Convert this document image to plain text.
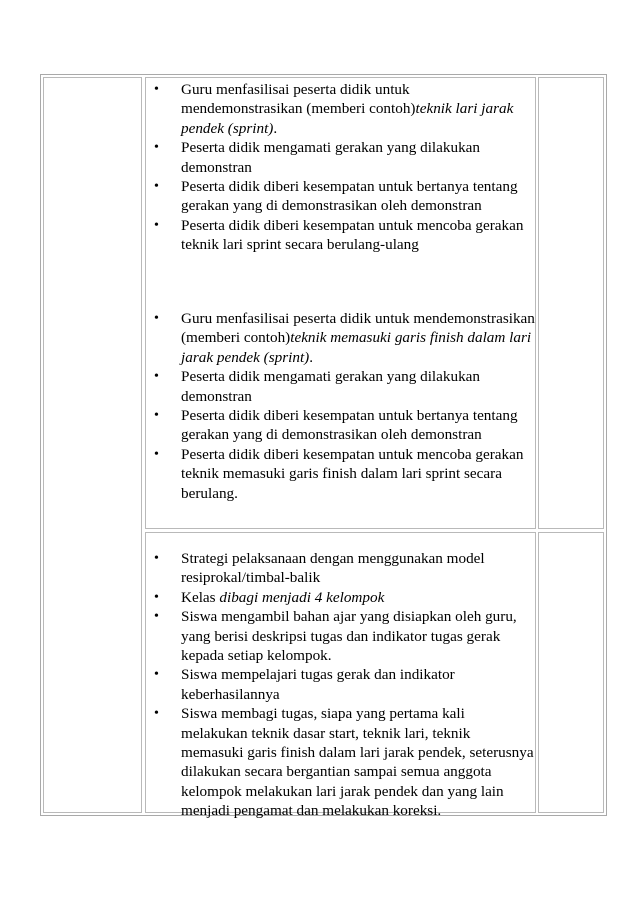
• Guru menfasilisai peserta didik untuk mendemonstrasikan (memberi contoh)teknik lari jarak pendek (sprint).
• Peserta didik mengamati gerakan yang dilakukan demonstran
• Peserta didik diberi kesempatan untuk bertanya tentang gerakan yang di demonstrasikan oleh demonstran
• Peserta didik diberi kesempatan untuk mencoba gerakan teknik lari sprint secara berulang-ulang
• Guru menfasilisai peserta didik untuk mendemonstrasikan (memberi contoh)teknik memasuki garis finish dalam lari jarak pendek (sprint).
• Peserta didik mengamati gerakan yang dilakukan demonstran
• Peserta didik diberi kesempatan untuk bertanya tentang gerakan yang di demonstrasikan oleh demonstran
• Peserta didik diberi kesempatan untuk mencoba gerakan teknik memasuki garis finish dalam lari sprint secara berulang.
• Strategi pelaksanaan dengan menggunakan model resiprokal/timbal-balik
• Kelas dibagi menjadi 4 kelompok
• Siswa mengambil bahan ajar yang disiapkan oleh guru, yang berisi deskripsi tugas dan indikator tugas gerak kepada setiap kelompok.
• Siswa mempelajari tugas gerak dan indikator keberhasilannya
• Siswa membagi tugas, siapa yang pertama kali melakukan teknik dasar start, teknik lari, teknik memasuki garis finish dalam lari jarak pendek, seterusnya dilakukan secara bergantian sampai semua anggota kelompok melakukan lari jarak pendek dan yang lain menjadi pengamat dan melakukan koreksi.
